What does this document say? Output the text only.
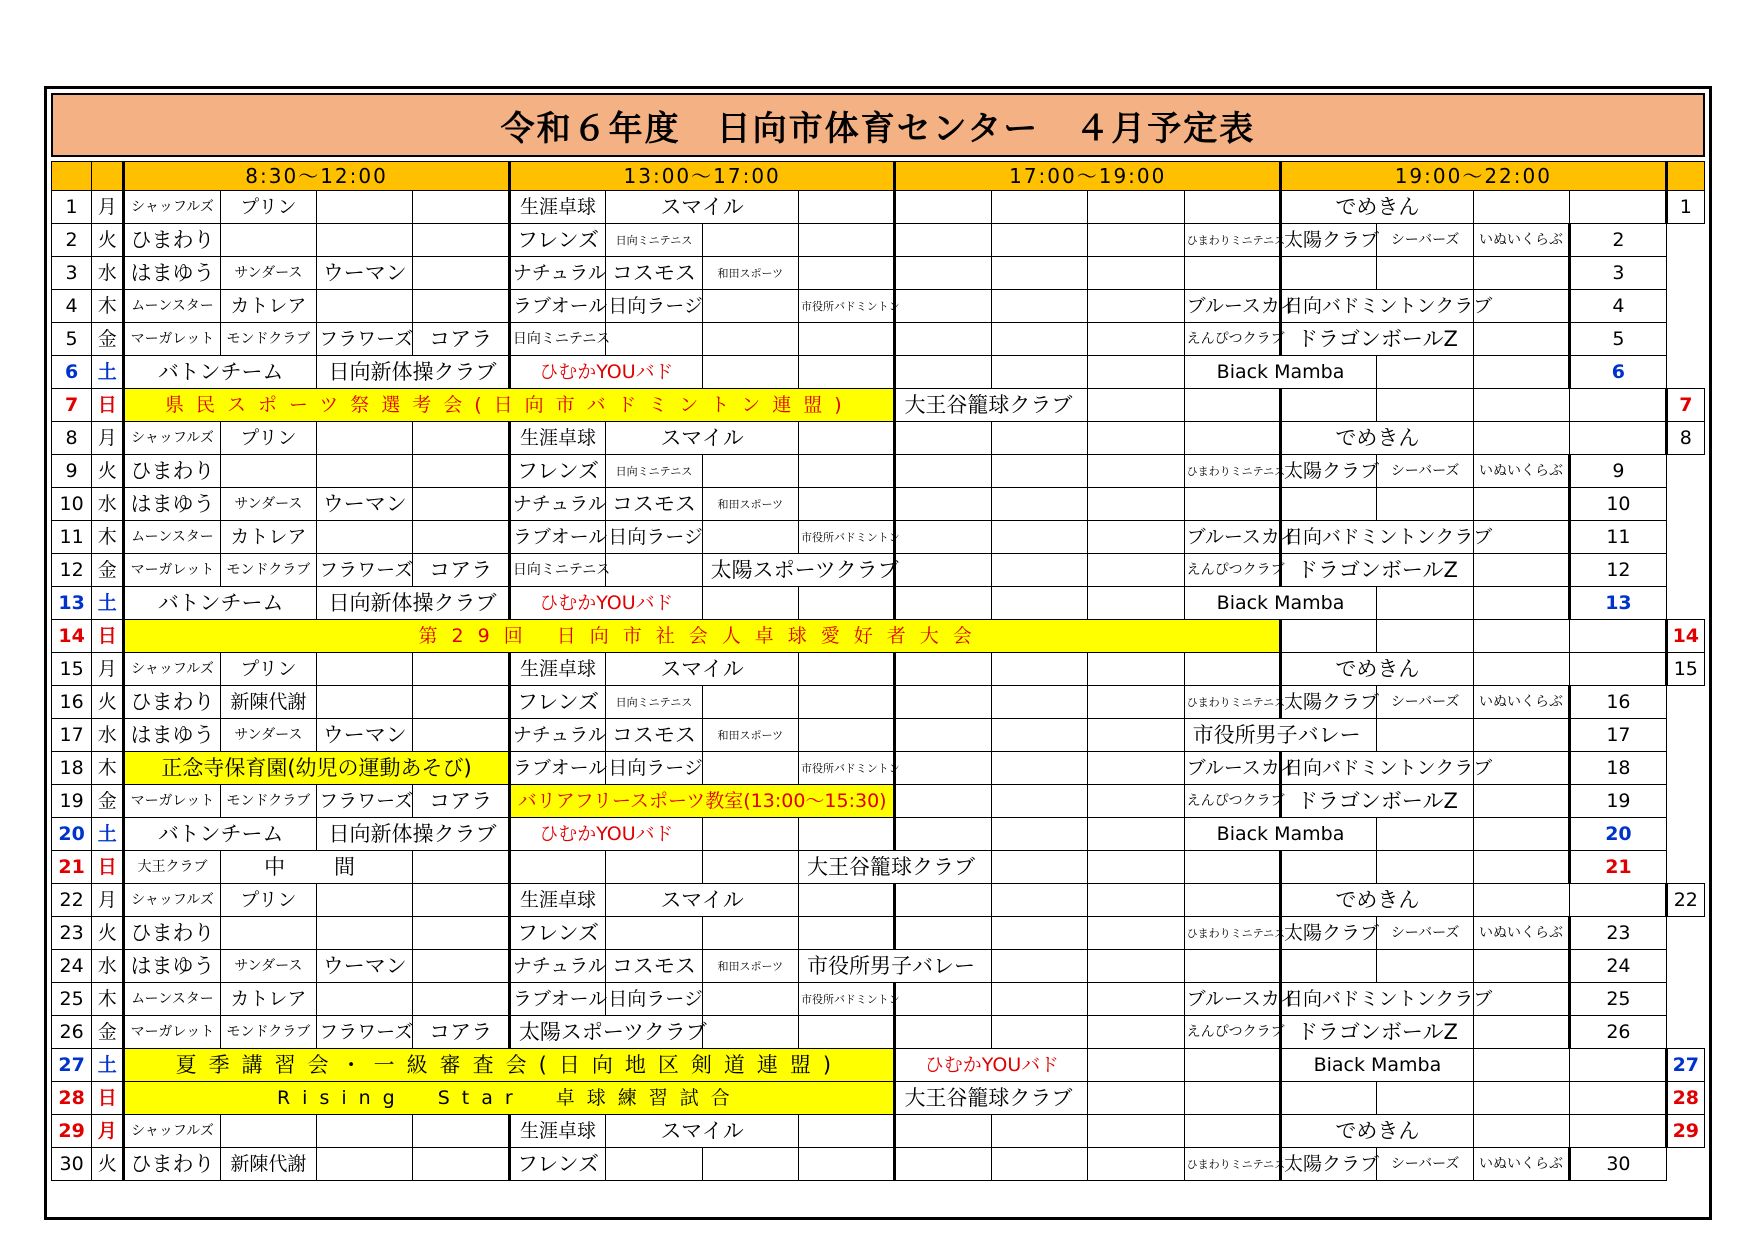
令和６年度　日向市体育センター　４月予定表
		8:30〜12:00				13:00〜17:00				17:00〜19:00				19:00〜22:00				
1	月	シャッフルズ	プリン			生涯卓球	スマイル							でめきん				1
2	火	ひまわり				フレンズ	日向ミニテニス						ひまわりミニテニス	太陽クラブ	シーバーズ	いぬいくらぶ	2	
3	水	はまゆう	サンダース	ウーマン		ナチュラル	コスモス	和田スポーツ									3	
4	木	ムーンスター	カトレア			ラブオール	日向ラージ		市役所バドミントン				ブルースカイ	日向バドミントンクラブ			4	
5	金	マーガレット	モンドクラブ	フラワーズ	コアラ	日向ミニテニス							えんぴつクラブ	ドラゴンボールZ			5	
6	土	バトンチーム		日向新体操クラブ		ひむかYOUバド							Biack Mamba				6	
7	日	県民スポーツ祭選考会(日向市バドミントン連盟)								大王谷籠球クラブ								7
8	月	シャッフルズ	プリン			生涯卓球	スマイル							でめきん				8
9	火	ひまわり				フレンズ	日向ミニテニス						ひまわりミニテニス	太陽クラブ	シーバーズ	いぬいくらぶ	9	
10	水	はまゆう	サンダース	ウーマン		ナチュラル	コスモス	和田スポーツ									10	
11	木	ムーンスター	カトレア			ラブオール	日向ラージ		市役所バドミントン				ブルースカイ	日向バドミントンクラブ			11	
12	金	マーガレット	モンドクラブ	フラワーズ	コアラ	日向ミニテニス		太陽スポーツクラブ					えんぴつクラブ	ドラゴンボールZ			12	
13	土	バトンチーム		日向新体操クラブ		ひむかYOUバド							Biack Mamba				13	
14	日	第29回 日向市社会人卓球愛好者大会																14
15	月	シャッフルズ	プリン			生涯卓球	スマイル							でめきん				15
16	火	ひまわり	新陳代謝			フレンズ	日向ミニテニス						ひまわりミニテニス	太陽クラブ	シーバーズ	いぬいくらぶ	16	
17	水	はまゆう	サンダース	ウーマン		ナチュラル	コスモス	和田スポーツ					市役所男子バレー				17	
18	木	正念寺保育園(幼児の運動あそび)				ラブオール	日向ラージ		市役所バドミントン				ブルースカイ	日向バドミントンクラブ			18	
19	金	マーガレット	モンドクラブ	フラワーズ	コアラ	バリアフリースポーツ教室(13:00〜15:30)							えんぴつクラブ	ドラゴンボールZ			19	
20	土	バトンチーム		日向新体操クラブ		ひむかYOUバド							Biack Mamba				20	
21	日	大王クラブ	中　間						大王谷籠球クラブ								21	
22	月	シャッフルズ	プリン			生涯卓球	スマイル							でめきん				22
23	火	ひまわり				フレンズ							ひまわりミニテニス	太陽クラブ	シーバーズ	いぬいくらぶ	23	
24	水	はまゆう	サンダース	ウーマン		ナチュラル	コスモス	和田スポーツ	市役所男子バレー								24	
25	木	ムーンスター	カトレア			ラブオール	日向ラージ		市役所バドミントン				ブルースカイ	日向バドミントンクラブ			25	
26	金	マーガレット	モンドクラブ	フラワーズ	コアラ	太陽スポーツクラブ							えんぴつクラブ	ドラゴンボールZ			26	
27	土	夏季講習会・一級審査会(日向地区剣道連盟)								ひむかYOUバド				Biack Mamba				27
28	日	Rising　Star　卓球練習試合								大王谷籠球クラブ								28
29	月	シャッフルズ				生涯卓球	スマイル							でめきん				29
30	火	ひまわり	新陳代謝			フレンズ							ひまわりミニテニス	太陽クラブ	シーバーズ	いぬいくらぶ	30	
